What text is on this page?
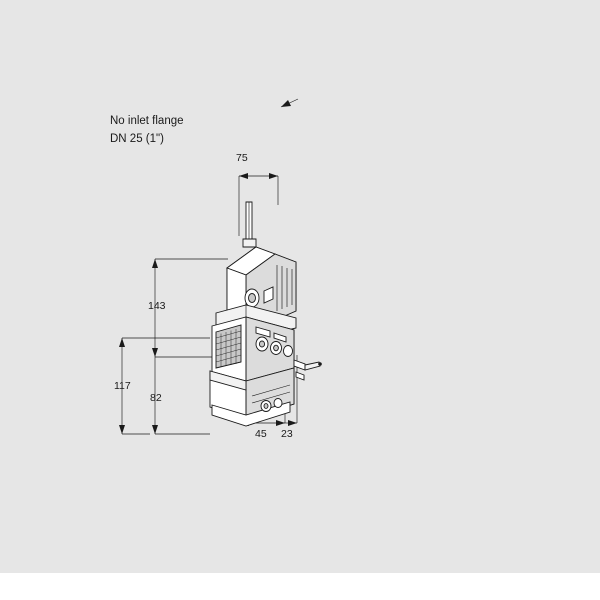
No inlet flange
DN 25 (1")
75
143
117
82
45 23
